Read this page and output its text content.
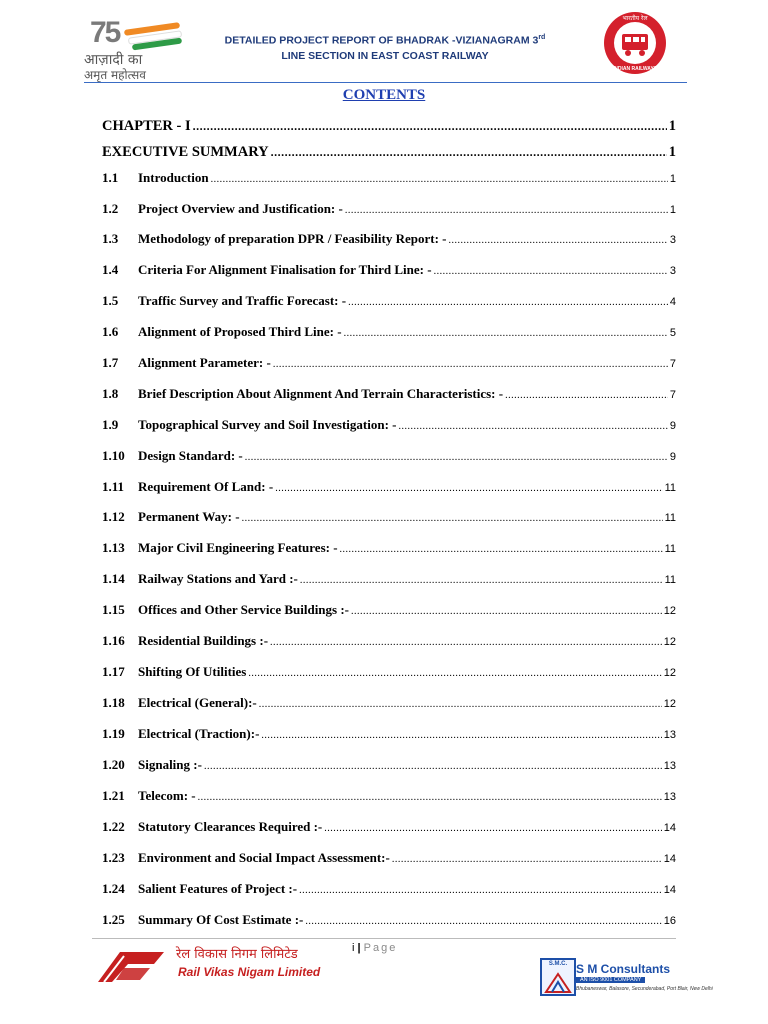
75
आज़ादी का
अमृत महोत्सव
DETAILED PROJECT REPORT OF BHADRAK -VIZIANAGRAM 3rd
LINE SECTION IN EAST COAST RAILWAY
भारतीय रेल
INDIAN RAILWAYS
CONTENTS
CHAPTER - I .....	1
EXECUTIVE SUMMARY .....	1
1.1	Introduction .....	1
1.2	Project Overview and Justification: - .....	1
1.3	Methodology of preparation DPR / Feasibility Report: - .....	3
1.4	Criteria For Alignment Finalisation for Third Line: - .....	3
1.5	Traffic Survey and Traffic Forecast: - .....	4
1.6	Alignment of Proposed Third Line: - .....	5
1.7	Alignment Parameter: - .....	7
1.8	Brief Description About Alignment And Terrain Characteristics: - .....	7
1.9	Topographical Survey and Soil Investigation: - .....	9
1.10	Design Standard: - .....	9
1.11	Requirement Of Land: - .....	11
1.12	Permanent Way: - .....	11
1.13	Major Civil Engineering Features: - .....	11
1.14	Railway Stations and Yard :- .....	11
1.15	Offices and Other Service Buildings :- .....	12
1.16	Residential Buildings :- .....	12
1.17	Shifting Of Utilities .....	12
1.18	Electrical (General):- .....	12
1.19	Electrical (Traction):- .....	13
1.20	Signaling :- .....	13
1.21	Telecom: - .....	13
1.22	Statutory Clearances Required :- .....	14
1.23	Environment and Social Impact Assessment:- .....	14
1.24	Salient Features of Project :- .....	14
1.25	Summary Of Cost Estimate :- .....	16
रेल विकास निगम लिमिटेड
Rail Vikas Nigam Limited
i | Page
S.M.C. S M Consultants
AN ISO 9001 COMPANY
Bhubaneswar, Balasore, Secunderabad, Port Blair, New Delhi
